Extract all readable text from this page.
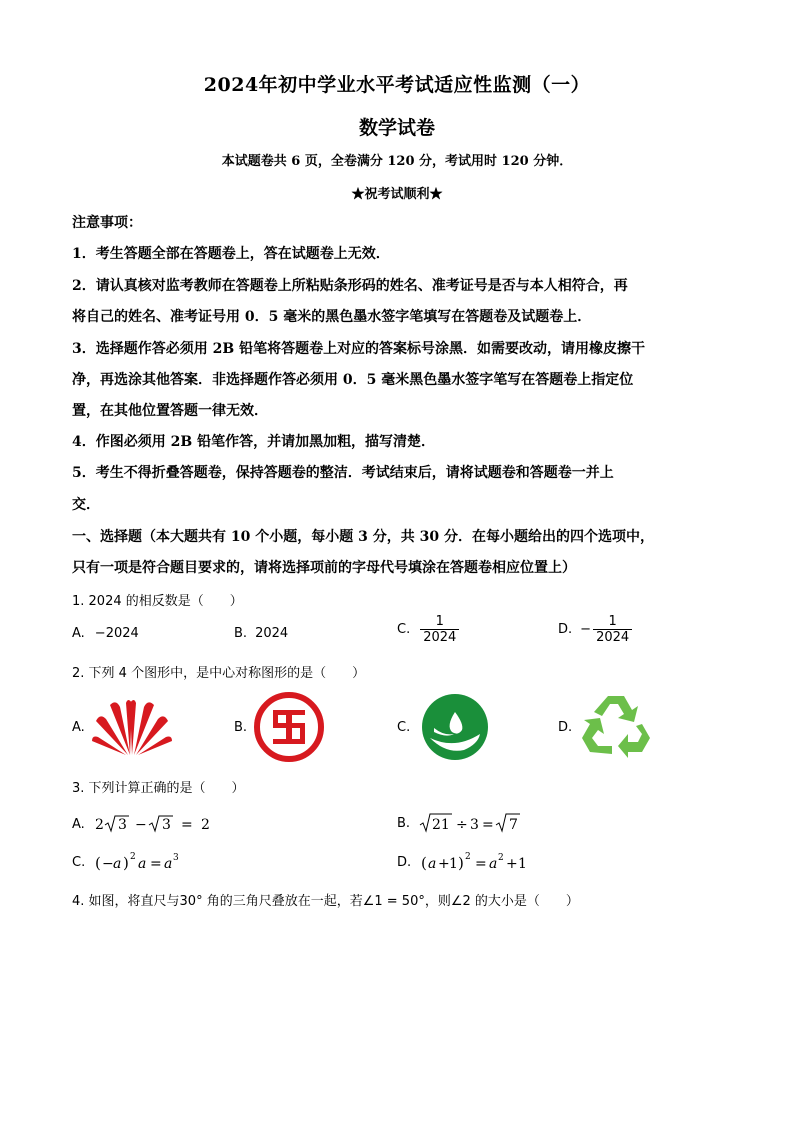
2024年初中学业水平考试适应性监测（一）
数学试卷
本试题卷共 6 页，全卷满分 120 分，考试用时 120 分钟．
★祝考试顺利★
注意事项：
1．考生答题全部在答题卷上，答在试题卷上无效．
2．请认真核对监考教师在答题卷上所粘贴条形码的姓名、准考证号是否与本人相符合，再
将自己的姓名、准考证号用 0．5 毫米的黑色墨水签字笔填写在答题卷及试题卷上．
3．选择题作答必须用 2B 铅笔将答题卷上对应的答案标号涂黑．如需要改动，请用橡皮擦干
净，再选涂其他答案．非选择题作答必须用 0．5 毫米黑色墨水签字笔写在答题卷上指定位
置，在其他位置答题一律无效．
4．作图必须用 2B 铅笔作答，并请加黑加粗，描写清楚．
5．考生不得折叠答题卷，保持答题卷的整洁．考试结束后，请将试题卷和答题卷一并上
交．
一、选择题（本大题共有 10 个小题，每小题 3 分，共 30 分．在每小题给出的四个选项中，
只有一项是符合题目要求的，请将选择项前的字母代号填涂在答题卷相应位置上）
1. 2024 的相反数是（　　）
A. −2024	B. 2024	C. $\frac{1}{2024}$	D. − $\frac{1}{2024}$
2. 下列 4 个图形中，是中心对称图形的是（　　）
A.	B.	C.	D.
3. 下列计算正确的是（　　）
A. 2 3 − 3 = 2	B. 21 ÷ 3 = 7
C. ( − a ) 2 a = a 3	D. ( a + 1 ) 2 = a 2 + 1
4. 如图，将直尺与30° 角的三角尺叠放在一起，若∠1 = 50°，则∠2 的大小是（　　）
